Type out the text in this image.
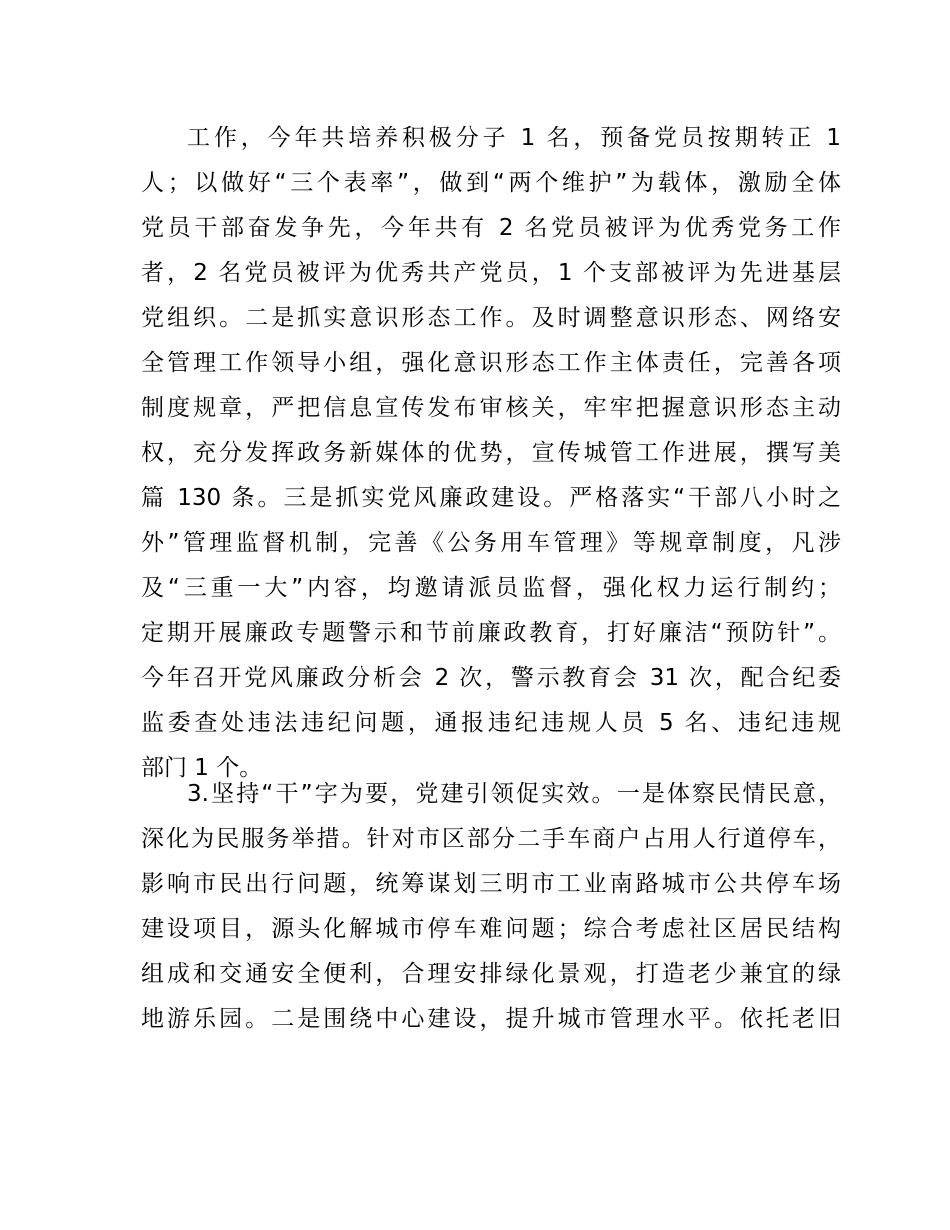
工作，今年共培养积极分子 1 名，预备党员按期转正 1
人；以做好“三个表率”，做到“两个维护”为载体，激励全体
党员干部奋发争先，今年共有 2 名党员被评为优秀党务工作
者，2 名党员被评为优秀共产党员，1 个支部被评为先进基层
党组织。二是抓实意识形态工作。及时调整意识形态、网络安
全管理工作领导小组，强化意识形态工作主体责任，完善各项
制度规章，严把信息宣传发布审核关，牢牢把握意识形态主动
权，充分发挥政务新媒体的优势，宣传城管工作进展，撰写美
篇 130 条。三是抓实党风廉政建设。严格落实“干部八小时之
外”管理监督机制，完善《公务用车管理》等规章制度，凡涉
及“三重一大”内容，均邀请派员监督，强化权力运行制约；
定期开展廉政专题警示和节前廉政教育，打好廉洁“预防针”。
今年召开党风廉政分析会 2 次，警示教育会 31 次，配合纪委
监委查处违法违纪问题，通报违纪违规人员 5 名、违纪违规
部门 1 个。
3.坚持“干”字为要，党建引领促实效。一是体察民情民意，
深化为民服务举措。针对市区部分二手车商户占用人行道停车，
影响市民出行问题，统筹谋划三明市工业南路城市公共停车场
建设项目，源头化解城市停车难问题；综合考虑社区居民结构
组成和交通安全便利，合理安排绿化景观，打造老少兼宜的绿
地游乐园。二是围绕中心建设，提升城市管理水平。依托老旧
